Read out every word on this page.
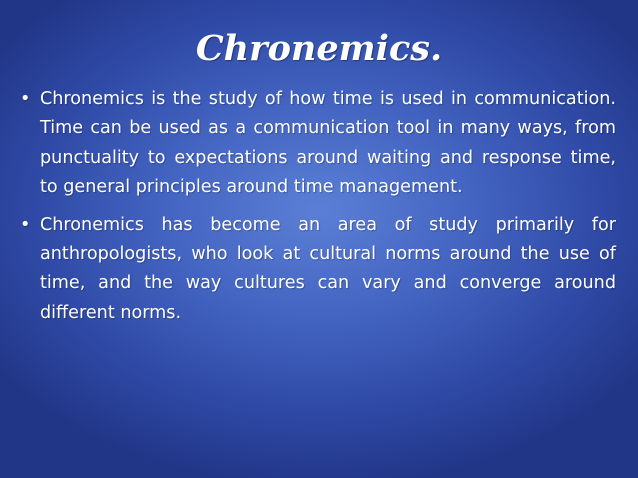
Chronemics.
• Chronemics is the study of how time is used in communication. Time can be used as a communication tool in many ways, from punctuality to expectations around waiting and response time, to general principles around time management.
• Chronemics has become an area of study primarily for anthropologists, who look at cultural norms around the use of time, and the way cultures can vary and converge around different norms.
